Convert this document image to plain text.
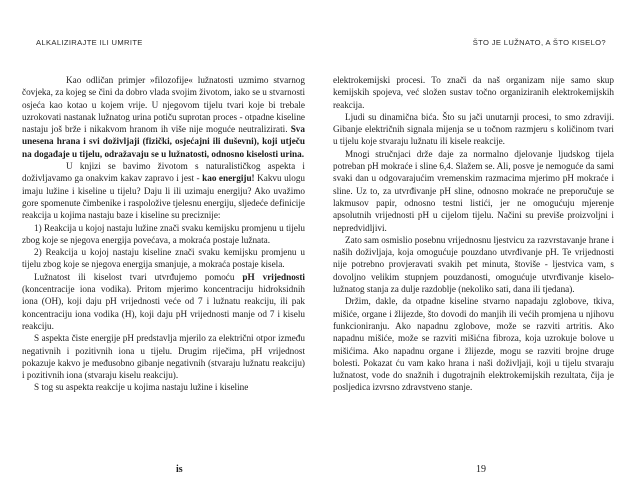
ALKALIZIRAJTE ILI UMRITE	ŠTO JE LUŽNATO, A ŠTO KISELO?

Kao odličan primjer »filozofije« lužnatosti uzmimo stvarnog čovjeka, za kojeg se čini da dobro vlada svojim životom, iako se u stvarnosti osjeća kao kotao u kojem vrije. U njegovom tijelu tvari koje bi trebale uzrokovati nastanak lužnatog urina potiču suprotan proces - otpadne kiseline nastaju još brže i nikakvom hranom ih više nije moguće neutralizirati. Sva unesena hrana i svi doživljaji (fizički, osjećajni ili duševni), koji utječu na događaje u tijelu, odražavaju se u lužnatosti, odnosno kiselosti urina.

U knjizi se bavimo životom s naturalističkog aspekta i doživljavamo ga onakvim kakav zapravo i jest - kao energiju! Kakvu ulogu imaju lužine i kiseline u tijelu? Daju li ili uzimaju energiju? Ako uvažimo gore spomenute čimbenike i raspoložive tjelesnu energiju, sljedeće definicije reakcija u kojima nastaju baze i kiseline su preciznije:

1) Reakcija u kojoj nastaju lužine znači svaku kemijsku promjenu u tijelu zbog koje se njegova energija povećava, a mokraća postaje lužnata.

2) Reakcija u kojoj nastaju kiseline znači svaku kemijsku promjenu u tijelu zbog koje se njegova energija smanjuje, a mokraća postaje kisela.

Lužnatost ili kiselost tvari utvrđujemo pomoću pH vrijednosti (koncentracije iona vodika). Pritom mjerimo koncentraciju hidroksidnih iona (OH), koji daju pH vrijednosti veće od 7 i lužnatu reakciju, ili pak koncentraciju iona vodika (H), koji daju pH vrijednosti manje od 7 i kiselu reakciju.

S aspekta čiste energije pH predstavlja mjerilo za električni otpor između negativnih i pozitivnih iona u tijelu. Drugim riječima, pH vrijednost pokazuje kakvo je međusobno gibanje negativnih (stvaraju lužnatu reakciju) i pozitivnih iona (stvaraju kiselu reakciju).

S tog su aspekta reakcije u kojima nastaju lužine i kiseline

elektrokemijski procesi. To znači da naš organizam nije samo skup kemijskih spojeva, već složen sustav točno organiziranih elektrokemijskih reakcija.

Ljudi su dinamična bića. Što su jači unutarnji procesi, to smo zdraviji. Gibanje električnih signala mijenja se u točnom razmjeru s količinom tvari u tijelu koje stvaraju lužnatu ili kisele reakcije.

Mnogi stručnjaci drže daje za normalno djelovanje ljudskog tijela potreban pH mokraće i sline 6,4. Slažem se. Ali, posve je nemoguće da sami svaki dan u odgovarajućim vremenskim razmacima mjerimo pH mokraće i sline. Uz to, za utvrđivanje pH sline, odnosno mokraće ne preporučuje se lakmusov papir, odnosno testni listići, jer ne omogućuju mjerenje apsolutnih vrijednosti pH u cijelom tijelu. Načini su previše proizvoljni i nepredvidljivi.

Zato sam osmislio posebnu vrijednosnu ljestvicu za razvrstavanje hrane i naših doživljaja, koja omogućuje pouzdano utvrđivanje pH. Te vrijednosti nije potrebno provjeravati svakih pet minuta, štoviše - ljestvica vam, s dovoljno velikim stupnjem pouzdanosti, omogućuje utvrđivanje kiselo-lužnatog stanja za dulje razdoblje (nekoliko sati, dana ili tjedana).

Držim, dakle, da otpadne kiseline stvarno napadaju zglobove, tkiva, mišiće, organe i žlijezde, što dovodi do manjih ili većih promjena u njihovu funkcioniranju. Ako napadnu zglobove, može se razviti artritis. Ako napadnu mišiće, može se razviti mišićna fibroza, koja uzrokuje bolove u mišićima. Ako napadnu organe i žlijezde, mogu se razviti brojne druge bolesti. Pokazat ću vam kako hrana i naši doživljaji, koji u tijelu stvaraju lužnatost, vode do snažnih i dugotrajnih elektrokemijskih rezultata, čija je posljedica izvrsno zdravstveno stanje.

is	19
